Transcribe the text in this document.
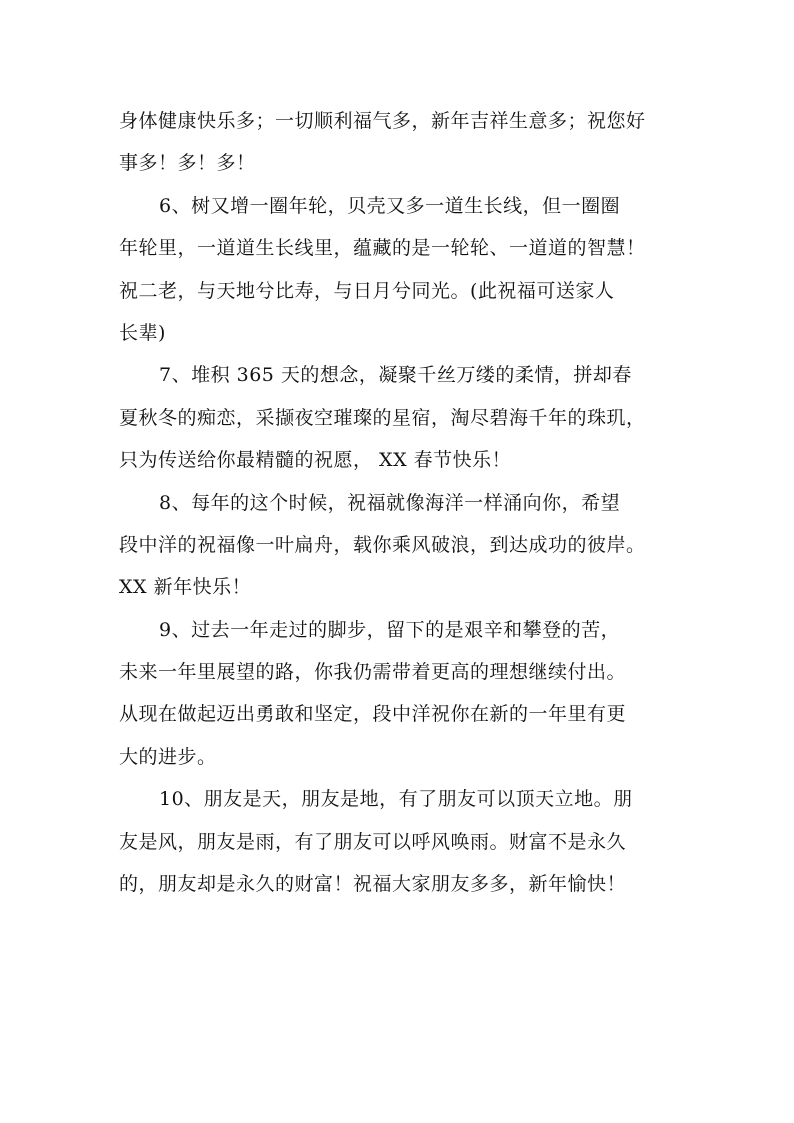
身体健康快乐多；一切顺利福气多，新年吉祥生意多；祝您好
事多！多！多！

6、树又增一圈年轮，贝壳又多一道生长线，但一圈圈
年轮里，一道道生长线里，蕴藏的是一轮轮、一道道的智慧！
祝二老，与天地兮比寿，与日月兮同光。(此祝福可送家人
长辈)

7、堆积 365 天的想念，凝聚千丝万缕的柔情，拼却春
夏秋冬的痴恋，采撷夜空璀璨的星宿，淘尽碧海千年的珠玑，
只为传送给你最精髓的祝愿， XX 春节快乐！

8、每年的这个时候，祝福就像海洋一样涌向你，希望
段中洋的祝福像一叶扁舟，载你乘风破浪，到达成功的彼岸。
XX 新年快乐！

9、过去一年走过的脚步，留下的是艰辛和攀登的苦，
未来一年里展望的路，你我仍需带着更高的理想继续付出。
从现在做起迈出勇敢和坚定，段中洋祝你在新的一年里有更
大的进步。

10、朋友是天，朋友是地，有了朋友可以顶天立地。朋
友是风，朋友是雨，有了朋友可以呼风唤雨。财富不是永久
的，朋友却是永久的财富！祝福大家朋友多多，新年愉快！
